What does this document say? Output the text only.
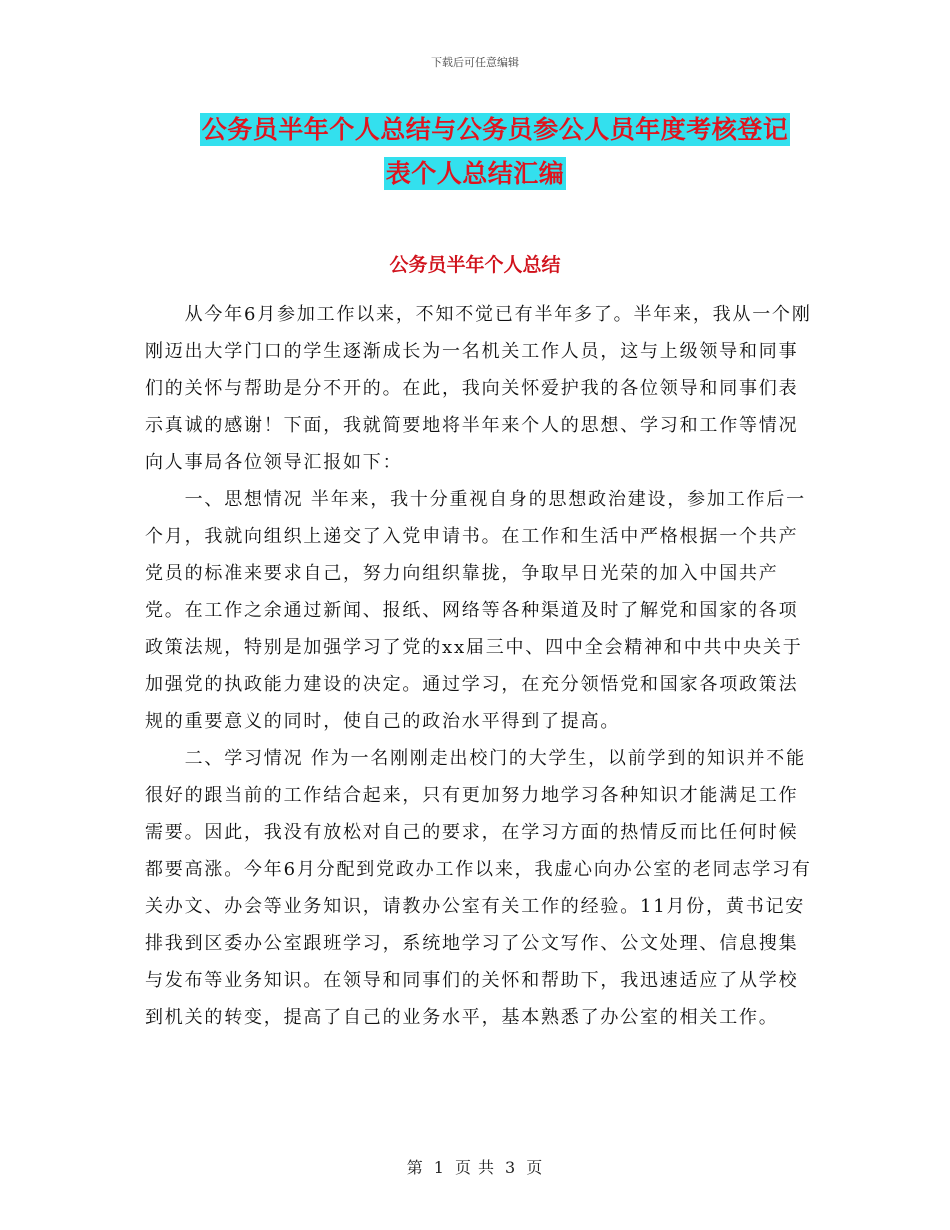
下载后可任意编辑
公务员半年个人总结与公务员参公人员年度考核登记
表个人总结汇编
公务员半年个人总结

从今年6月参加工作以来，不知不觉已有半年多了。半年来，我从一个刚刚迈出大学门口的学生逐渐成长为一名机关工作人员，这与上级领导和同事们的关怀与帮助是分不开的。在此，我向关怀爱护我的各位领导和同事们表示真诚的感谢！下面，我就简要地将半年来个人的思想、学习和工作等情况向人事局各位领导汇报如下：

一、思想情况 半年来，我十分重视自身的思想政治建设，参加工作后一个月，我就向组织上递交了入党申请书。在工作和生活中严格根据一个共产党员的标准来要求自己，努力向组织靠拢，争取早日光荣的加入中国共产党。在工作之余通过新闻、报纸、网络等各种渠道及时了解党和国家的各项政策法规，特别是加强学习了党的xx届三中、四中全会精神和中共中央关于加强党的执政能力建设的决定。通过学习，在充分领悟党和国家各项政策法规的重要意义的同时，使自己的政治水平得到了提高。

二、学习情况 作为一名刚刚走出校门的大学生，以前学到的知识并不能很好的跟当前的工作结合起来，只有更加努力地学习各种知识才能满足工作需要。因此，我没有放松对自己的要求，在学习方面的热情反而比任何时候都要高涨。今年6月分配到党政办工作以来，我虚心向办公室的老同志学习有关办文、办会等业务知识，请教办公室有关工作的经验。11月份，黄书记安排我到区委办公室跟班学习，系统地学习了公文写作、公文处理、信息搜集与发布等业务知识。在领导和同事们的关怀和帮助下，我迅速适应了从学校到机关的转变，提高了自己的业务水平，基本熟悉了办公室的相关工作。

第 1 页 共 3 页
